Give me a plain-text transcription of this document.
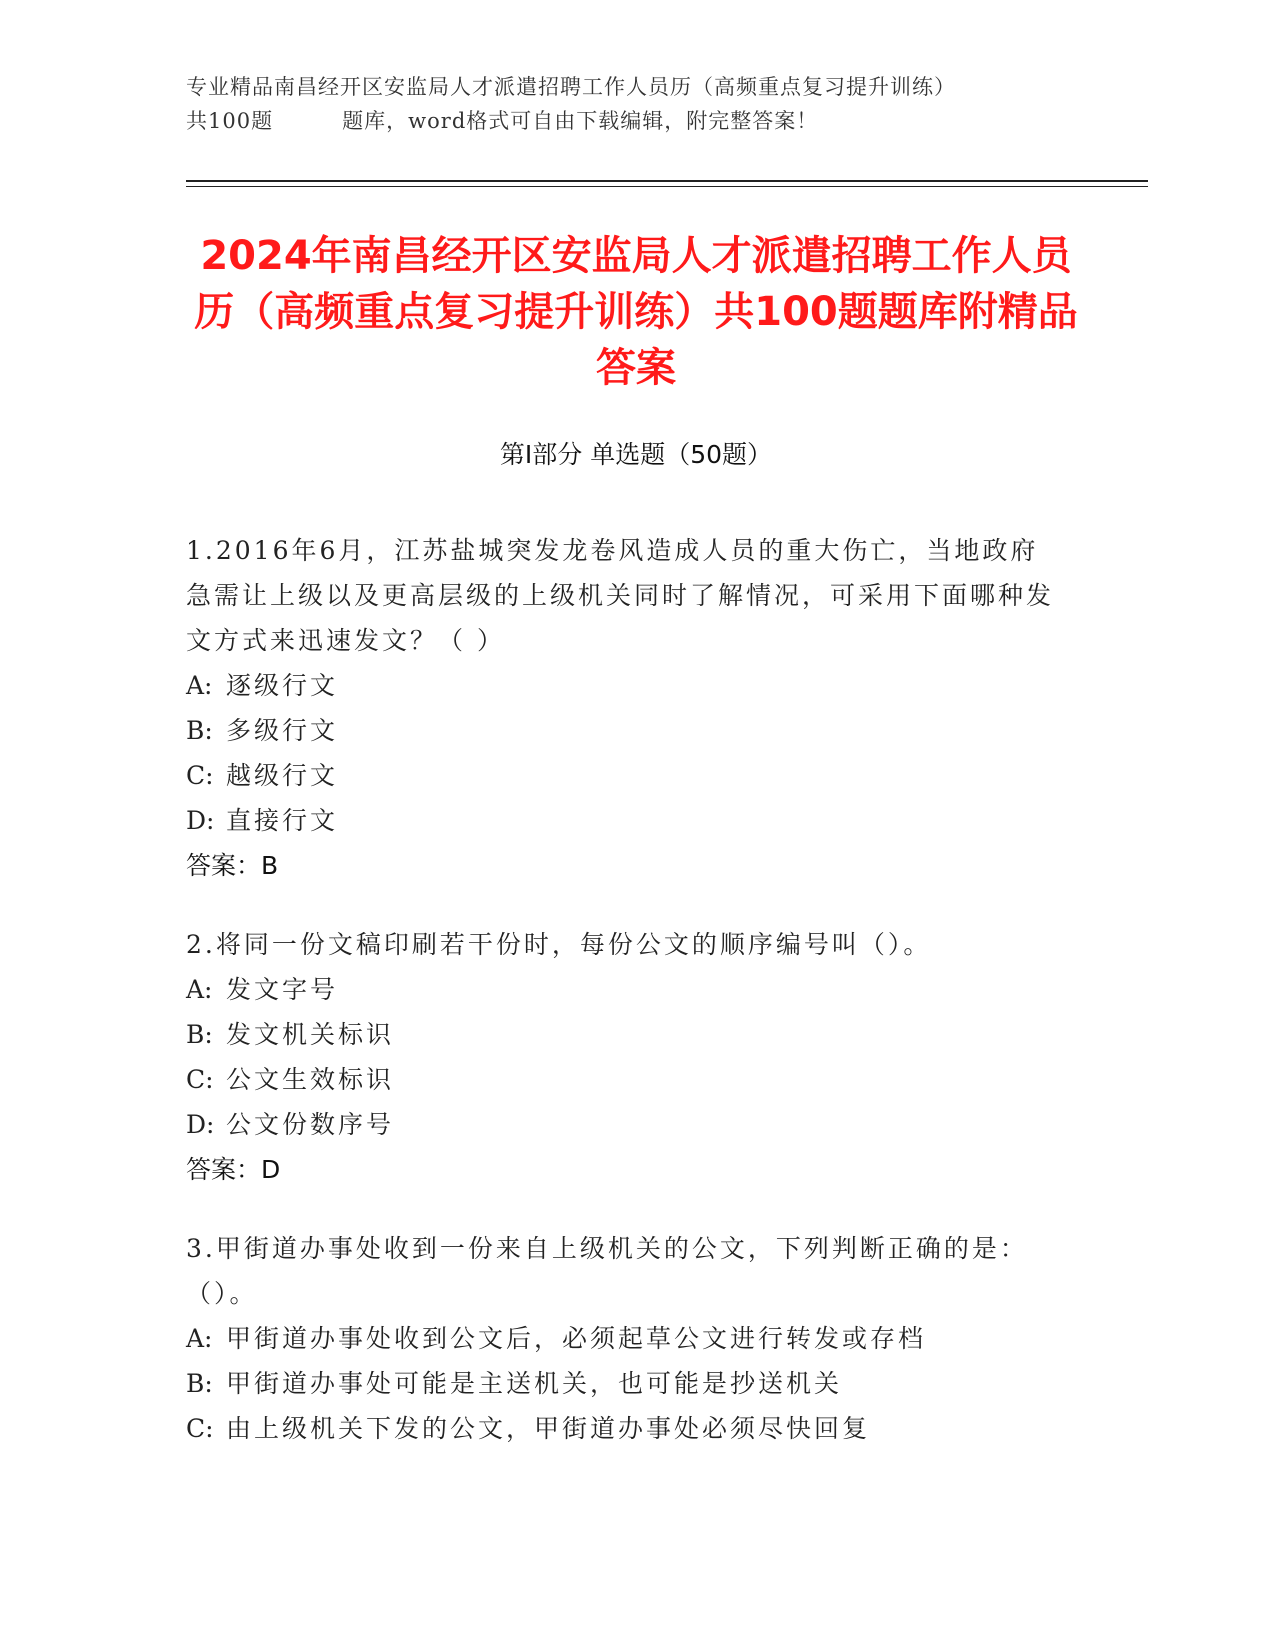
专业精品南昌经开区安监局人才派遣招聘工作人员历（高频重点复习提升训练）
共100题         题库，word格式可自由下载编辑，附完整答案！
2024年南昌经开区安监局人才派遣招聘工作人员历（高频重点复习提升训练）共100题题库附精品答案
第I部分 单选题（50题）
1.2016年6月，江苏盐城突发龙卷风造成人员的重大伤亡，当地政府急需让上级以及更高层级的上级机关同时了解情况，可采用下面哪种发文方式来迅速发文？（ ）
A: 逐级行文
B: 多级行文
C: 越级行文
D: 直接行文
答案：B
2.将同一份文稿印刷若干份时，每份公文的顺序编号叫（）。
A: 发文字号
B: 发文机关标识
C: 公文生效标识
D: 公文份数序号
答案：D
3.甲街道办事处收到一份来自上级机关的公文，下列判断正确的是：（）。
A: 甲街道办事处收到公文后，必须起草公文进行转发或存档
B: 甲街道办事处可能是主送机关，也可能是抄送机关
C: 由上级机关下发的公文，甲街道办事处必须尽快回复
